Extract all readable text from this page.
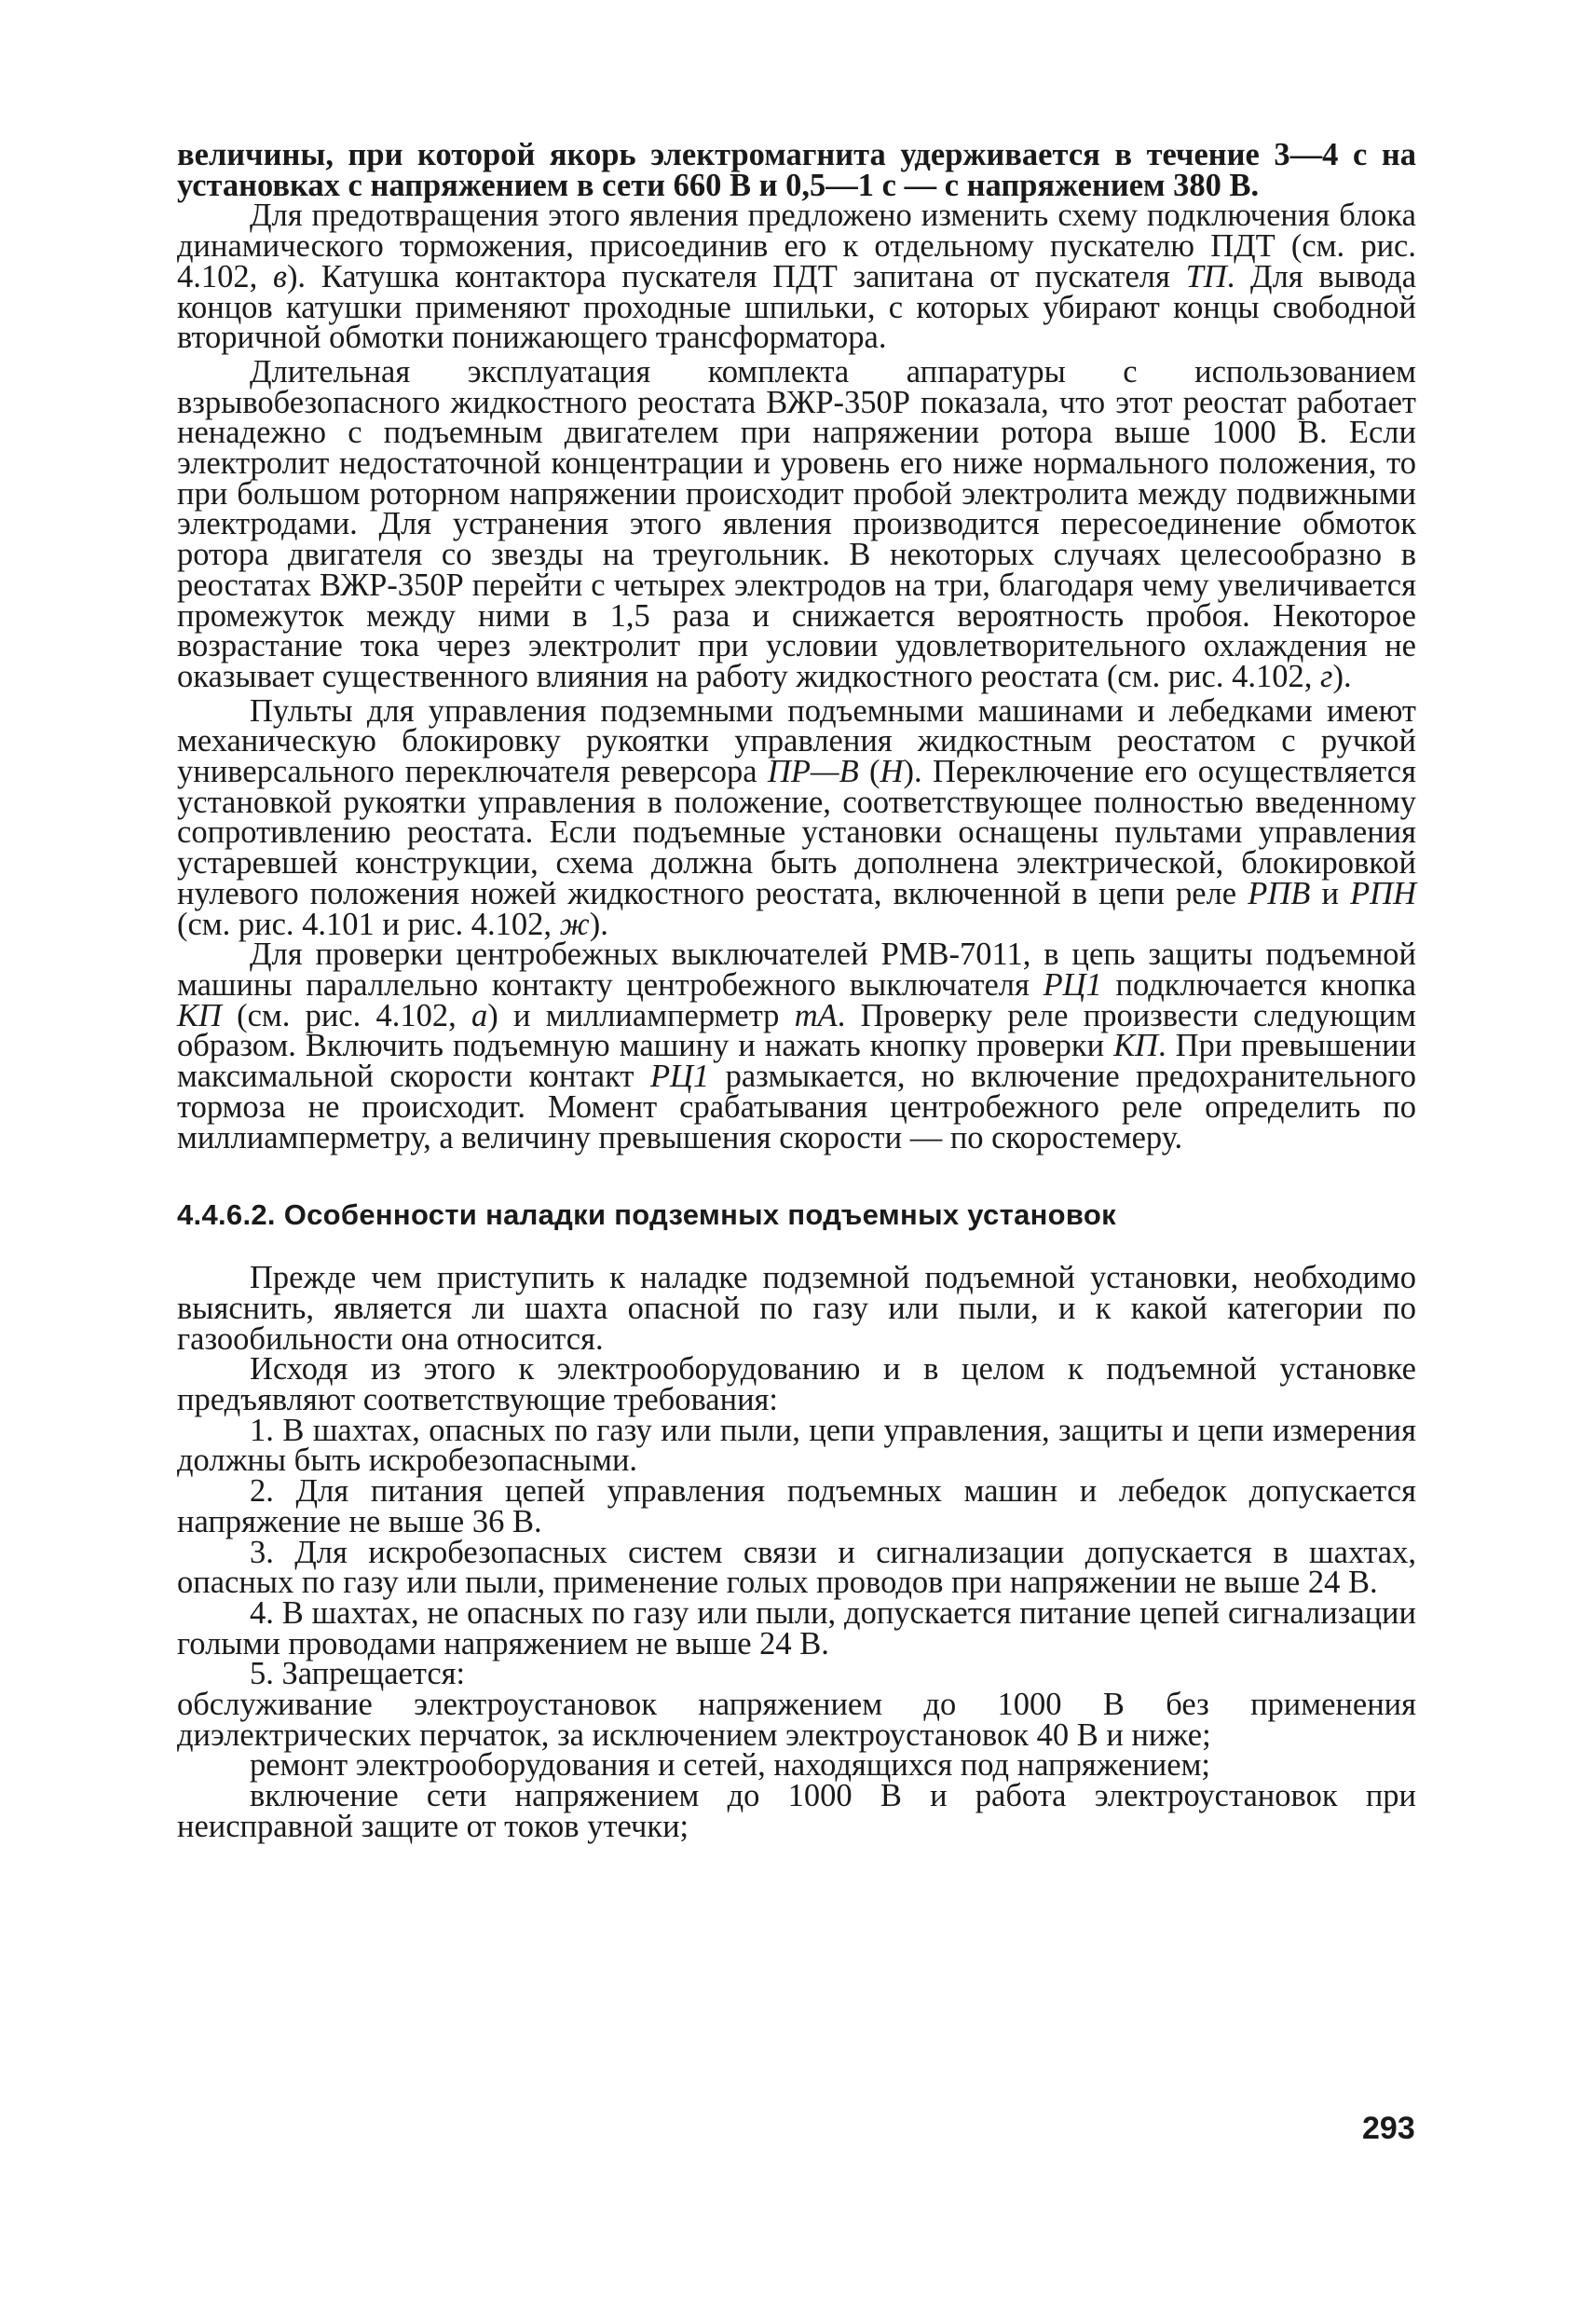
величины, при которой якорь электромагнита удерживается в течение 3—4 с на установках с напряжением в сети 660 В и 0,5—1 с — с напряжением 380 В.

Для предотвращения этого явления предложено изменить схему подключения блока динамического торможения, присоединив его к отдельному пускателю ПДТ (см. рис. 4.102, в). Катушка контактора пускателя ПДТ запитана от пускателя ТП. Для вывода концов катушки применяют проходные шпильки, с которых убирают концы свободной вторичной обмотки понижающего трансформатора.

Длительная эксплуатация комплекта аппаратуры с использованием взрывобезопасного жидкостного реостата ВЖР-350Р показала, что этот реостат работает ненадежно с подъемным двигателем при напряжении ротора выше 1000 В. Если электролит недостаточной концентрации и уровень его ниже нормального положения, то при большом роторном напряжении происходит пробой электролита между подвижными электродами. Для устранения этого явления производится пересоединение обмоток ротора двигателя со звезды на треугольник. В некоторых случаях целесообразно в реостатах ВЖР-350Р перейти с четырех электродов на три, благодаря чему увеличивается промежуток между ними в 1,5 раза и снижается вероятность пробоя. Некоторое возрастание тока через электролит при условии удовлетворительного охлаждения не оказывает существенного влияния на работу жидкостного реостата (см. рис. 4.102, г).

Пульты для управления подземными подъемными машинами и лебедками имеют механическую блокировку рукоятки управления жидкостным реостатом с ручкой универсального переключателя реверсора ПР—В (Н). Переключение его осуществляется установкой рукоятки управления в положение, соответствующее полностью введенному сопротивлению реостата. Если подъемные установки оснащены пультами управления устаревшей конструкции, схема должна быть дополнена электрической, блокировкой нулевого положения ножей жидкостного реостата, включенной в цепи реле РПВ и РПН (см. рис. 4.101 и рис. 4.102, ж).

Для проверки центробежных выключателей РМВ-7011, в цепь защиты подъемной машины параллельно контакту центробежного выключателя РЦ1 подключается кнопка КП (см. рис. 4.102, а) и миллиамперметр mA. Проверку реле произвести следующим образом. Включить подъемную машину и нажать кнопку проверки КП. При превышении максимальной скорости контакт РЦ1 размыкается, но включение предохранительного тормоза не происходит. Момент срабатывания центробежного реле определить по миллиамперметру, а величину превышения скорости — по скоростемеру.

4.4.6.2. Особенности наладки подземных подъемных установок

Прежде чем приступить к наладке подземной подъемной установки, необходимо выяснить, является ли шахта опасной по газу или пыли, и к какой категории по газообильности она относится.

Исходя из этого к электрооборудованию и в целом к подъемной установке предъявляют соответствующие требования:

1. В шахтах, опасных по газу или пыли, цепи управления, защиты и цепи измерения должны быть искробезопасными.

2. Для питания цепей управления подъемных машин и лебедок допускается напряжение не выше 36 В.

3. Для искробезопасных систем связи и сигнализации допускается в шахтах, опасных по газу или пыли, применение голых проводов при напряжении не выше 24 В.

4. В шахтах, не опасных по газу или пыли, допускается питание цепей сигнализации голыми проводами напряжением не выше 24 В.

5. Запрещается:

обслуживание электроустановок напряжением до 1000 В без применения диэлектрических перчаток, за исключением электроустановок 40 В и ниже;

ремонт электрооборудования и сетей, находящихся под напряжением;

включение сети напряжением до 1000 В и работа электроустановок при неисправной защите от токов утечки;

293
